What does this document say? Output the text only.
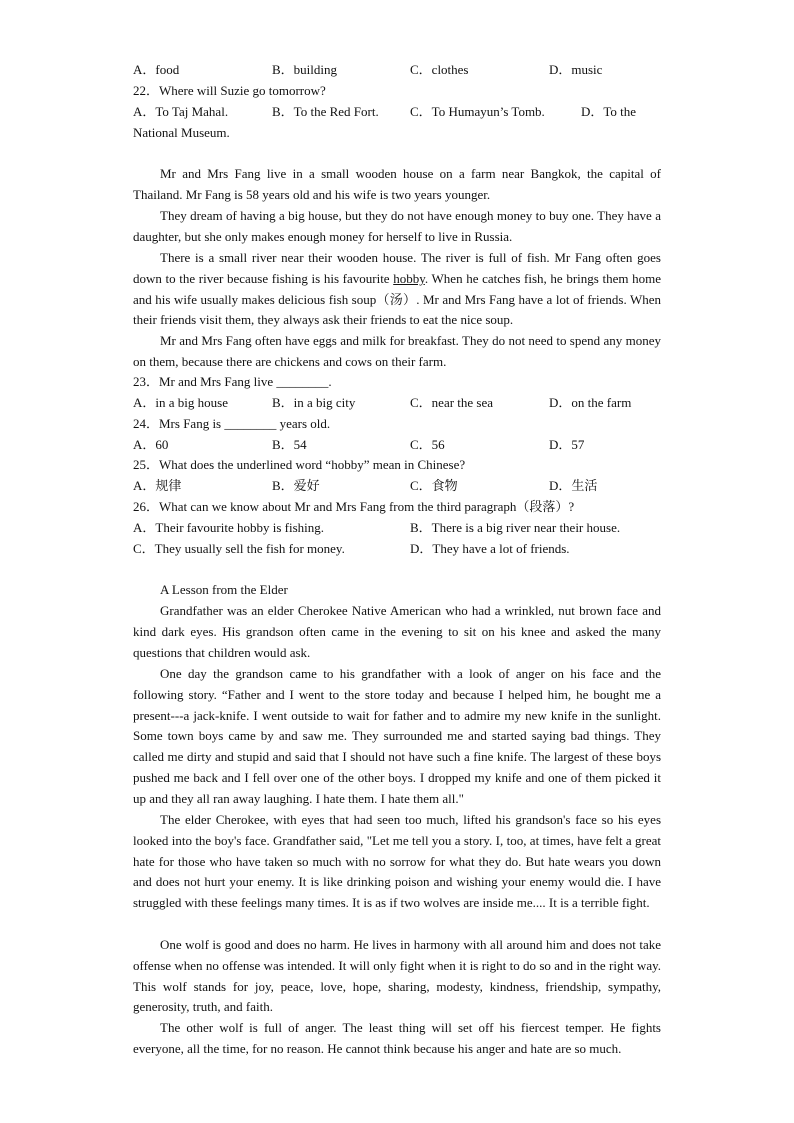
A．food	B．building	C．clothes	D．music
22．Where will Suzie go tomorrow?
A．To Taj Mahal.	B．To the Red Fort. C．To Humayun’s Tomb.	D．To the
National Museum.
Mr and Mrs Fang live in a small wooden house on a farm near Bangkok, the capital of Thailand. Mr Fang is 58 years old and his wife is two years younger.
They dream of having a big house, but they do not have enough money to buy one. They have a daughter, but she only makes enough money for herself to live in Russia.
There is a small river near their wooden house. The river is full of fish. Mr Fang often goes down to the river because fishing is his favourite hobby. When he catches fish, he brings them home and his wife usually makes delicious fish soup（汤）. Mr and Mrs Fang have a lot of friends. When their friends visit them, they always ask their friends to eat the nice soup.
Mr and Mrs Fang often have eggs and milk for breakfast. They do not need to spend any money on them, because there are chickens and cows on their farm.
23．Mr and Mrs Fang live ________.
A．in a big house	B．in a big city	C．near the sea	D．on the farm
24．Mrs Fang is ________ years old.
A．60	B．54	C．56	D．57
25．What does the underlined word “hobby” mean in Chinese?
A．规律	B．爱好	C．食物	D．生活
26．What can we know about Mr and Mrs Fang from the third paragraph（段落）?
A．Their favourite hobby is fishing.	B．There is a big river near their house.
C．They usually sell the fish for money.	D．They have a lot of friends.
A Lesson from the Elder
Grandfather was an elder Cherokee Native American who had a wrinkled, nut brown face and kind dark eyes. His grandson often came in the evening to sit on his knee and asked the many questions that children would ask.
One day the grandson came to his grandfather with a look of anger on his face and the following story. “Father and I went to the store today and because I helped him, he bought me a present---a jack-knife. I went outside to wait for father and to admire my new knife in the sunlight. Some town boys came by and saw me. They surrounded me and started saying bad things. They called me dirty and stupid and said that I should not have such a fine knife. The largest of these boys pushed me back and I fell over one of the other boys. I dropped my knife and one of them picked it up and they all ran away laughing. I hate them. I hate them all."
The elder Cherokee, with eyes that had seen too much, lifted his grandson's face so his eyes looked into the boy's face. Grandfather said, "Let me tell you a story. I, too, at times, have felt a great hate for those who have taken so much with no sorrow for what they do. But hate wears you down and does not hurt your enemy. It is like drinking poison and wishing your enemy would die. I have struggled with these feelings many times. It is as if two wolves are inside me.... It is a terrible fight.
One wolf is good and does no harm. He lives in harmony with all around him and does not take offense when no offense was intended. It will only fight when it is right to do so and in the right way. This wolf stands for joy, peace, love, hope, sharing, modesty, kindness, friendship, sympathy, generosity, truth, and faith.
The other wolf is full of anger. The least thing will set off his fiercest temper. He fights everyone, all the time, for no reason. He cannot think because his anger and hate are so much.
